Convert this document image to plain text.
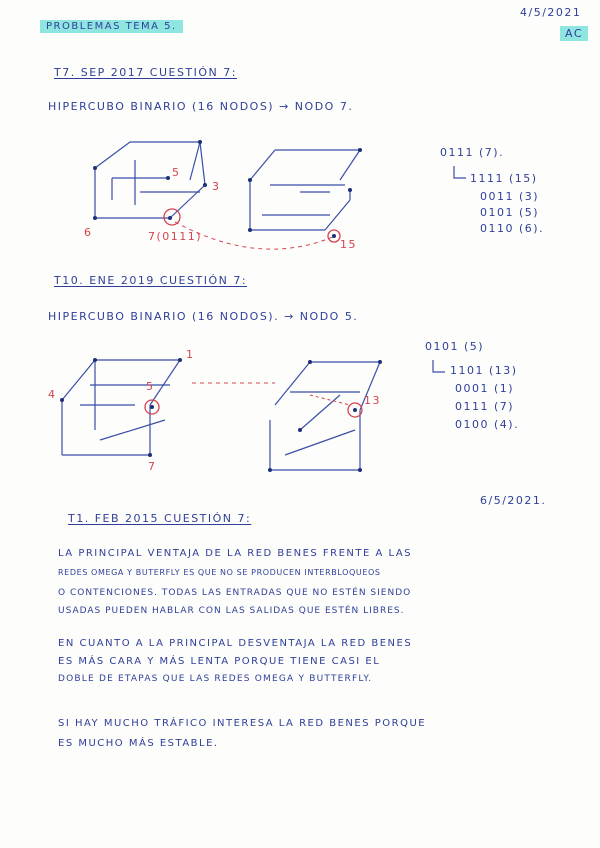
PROBLEMAS TEMA 5.
4/5/2021
AC
T7. SEP 2017 CUESTIÓN 7:
HIPERCUBO BINARIO (16 NODOS) → NODO 7.
5
3
6	7(0111)
15
0111 (7).
1111 (15)
0011 (3)
0101 (5)
0110 (6).
T10. ENE 2019 CUESTIÓN 7:
HIPERCUBO BINARIO (16 NODOS). → NODO 5.
1
4
5
7
13
0101 (5)
1101 (13)
0001 (1)
0111 (7)
0100 (4).
6/5/2021.
T1. FEB 2015 CUESTIÓN 7:
LA PRINCIPAL VENTAJA DE LA RED BENES FRENTE A LAS
REDES OMEGA Y BUTERFLY ES QUE NO SE PRODUCEN INTERBLOQUEOS
O CONTENCIONES. TODAS LAS ENTRADAS QUE NO ESTÉN SIENDO
USADAS PUEDEN HABLAR CON LAS SALIDAS QUE ESTÉN LIBRES.
EN CUANTO A LA PRINCIPAL DESVENTAJA LA RED BENES
ES MÁS CARA Y MÁS LENTA PORQUE TIENE CASI EL
DOBLE DE ETAPAS QUE LAS REDES OMEGA Y BUTTERFLY.
SI HAY MUCHO TRÁFICO INTERESA LA RED BENES PORQUE
ES MUCHO MÁS ESTABLE.
